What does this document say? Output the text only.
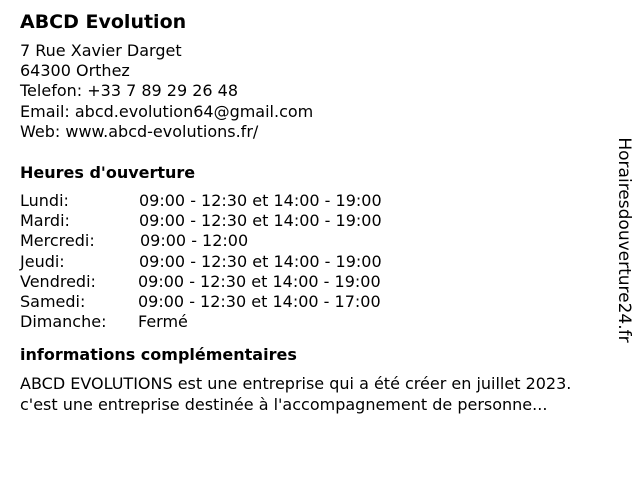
ABCD Evolution
7 Rue Xavier Darget
64300 Orthez
Telefon: +33 7 89 29 26 48
Email: abcd.evolution64@gmail.com
Web: www.abcd-evolutions.fr/
Heures d'ouverture
Lundi:	09:00 - 12:30 et 14:00 - 19:00
Mardi:	09:00 - 12:30 et 14:00 - 19:00
Mercredi:	09:00 - 12:00
Jeudi:	09:00 - 12:30 et 14:00 - 19:00
Vendredi:	09:00 - 12:30 et 14:00 - 19:00
Samedi:	09:00 - 12:30 et 14:00 - 17:00
Dimanche: Fermé
informations complémentaires
ABCD EVOLUTIONS est une entreprise qui a été créer en juillet 2023.
c'est une entreprise destinée à l'accompagnement de personne...
Horairesdouverture24.fr
